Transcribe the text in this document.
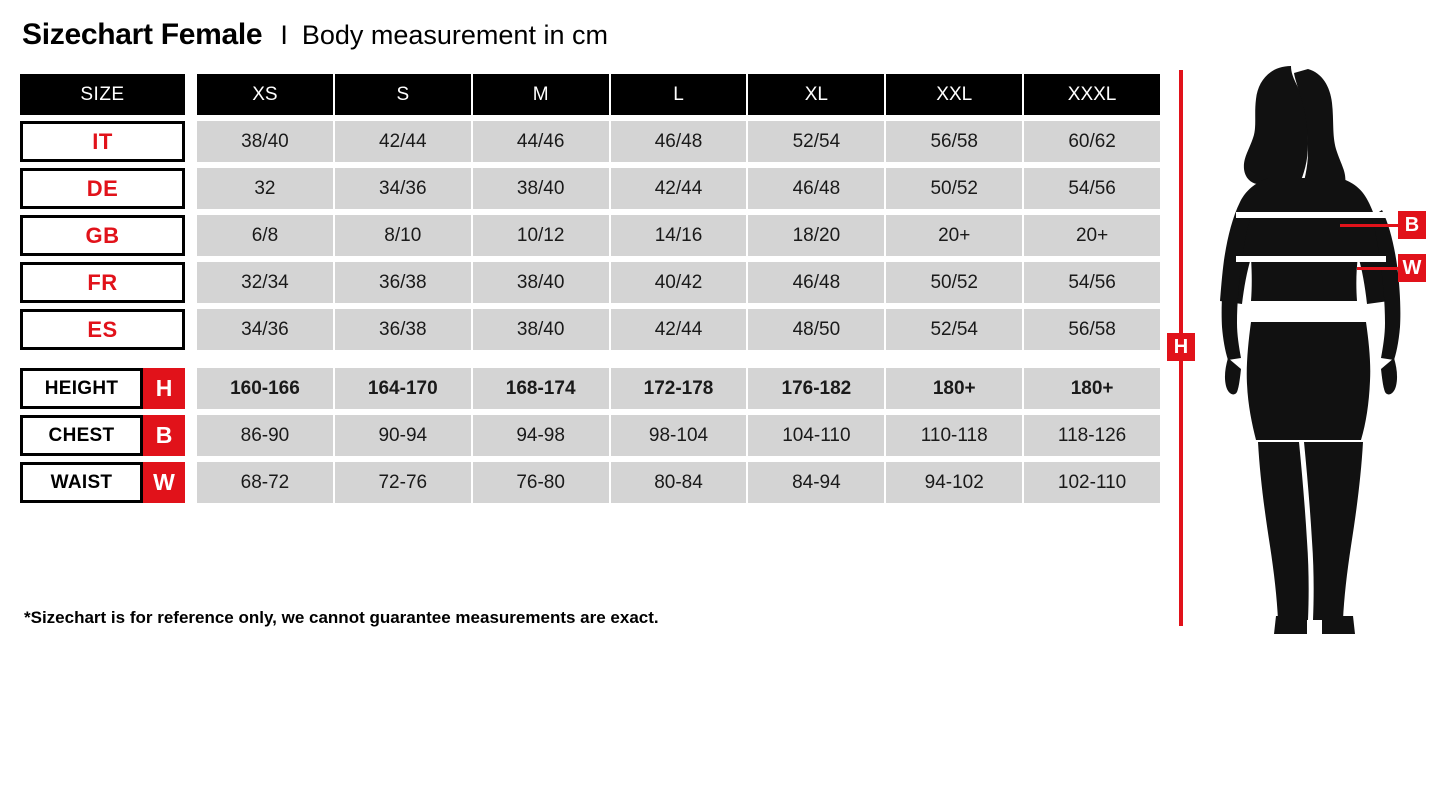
Sizechart Female I Body measurement in cm
SIZE	XS	S	M	L	XL	XXL	XXXL
IT	38/40	42/44	44/46	46/48	52/54	56/58	60/62
DE	32	34/36	38/40	42/44	46/48	50/52	54/56
GB	6/8	8/10	10/12	14/16	18/20	20+	20+
FR	32/34	36/38	38/40	40/42	46/48	50/52	54/56
ES	34/36	36/38	38/40	42/44	48/50	52/54	56/58
HEIGHT	H	160-166	164-170	168-174	172-178	176-182	180+	180+
CHEST	B	86-90	90-94	94-98	98-104	104-110	110-118	118-126
WAIST	W	68-72	72-76	76-80	80-84	84-94	94-102	102-110
H
B
W
*Sizechart is for reference only, we cannot guarantee measurements are exact.
